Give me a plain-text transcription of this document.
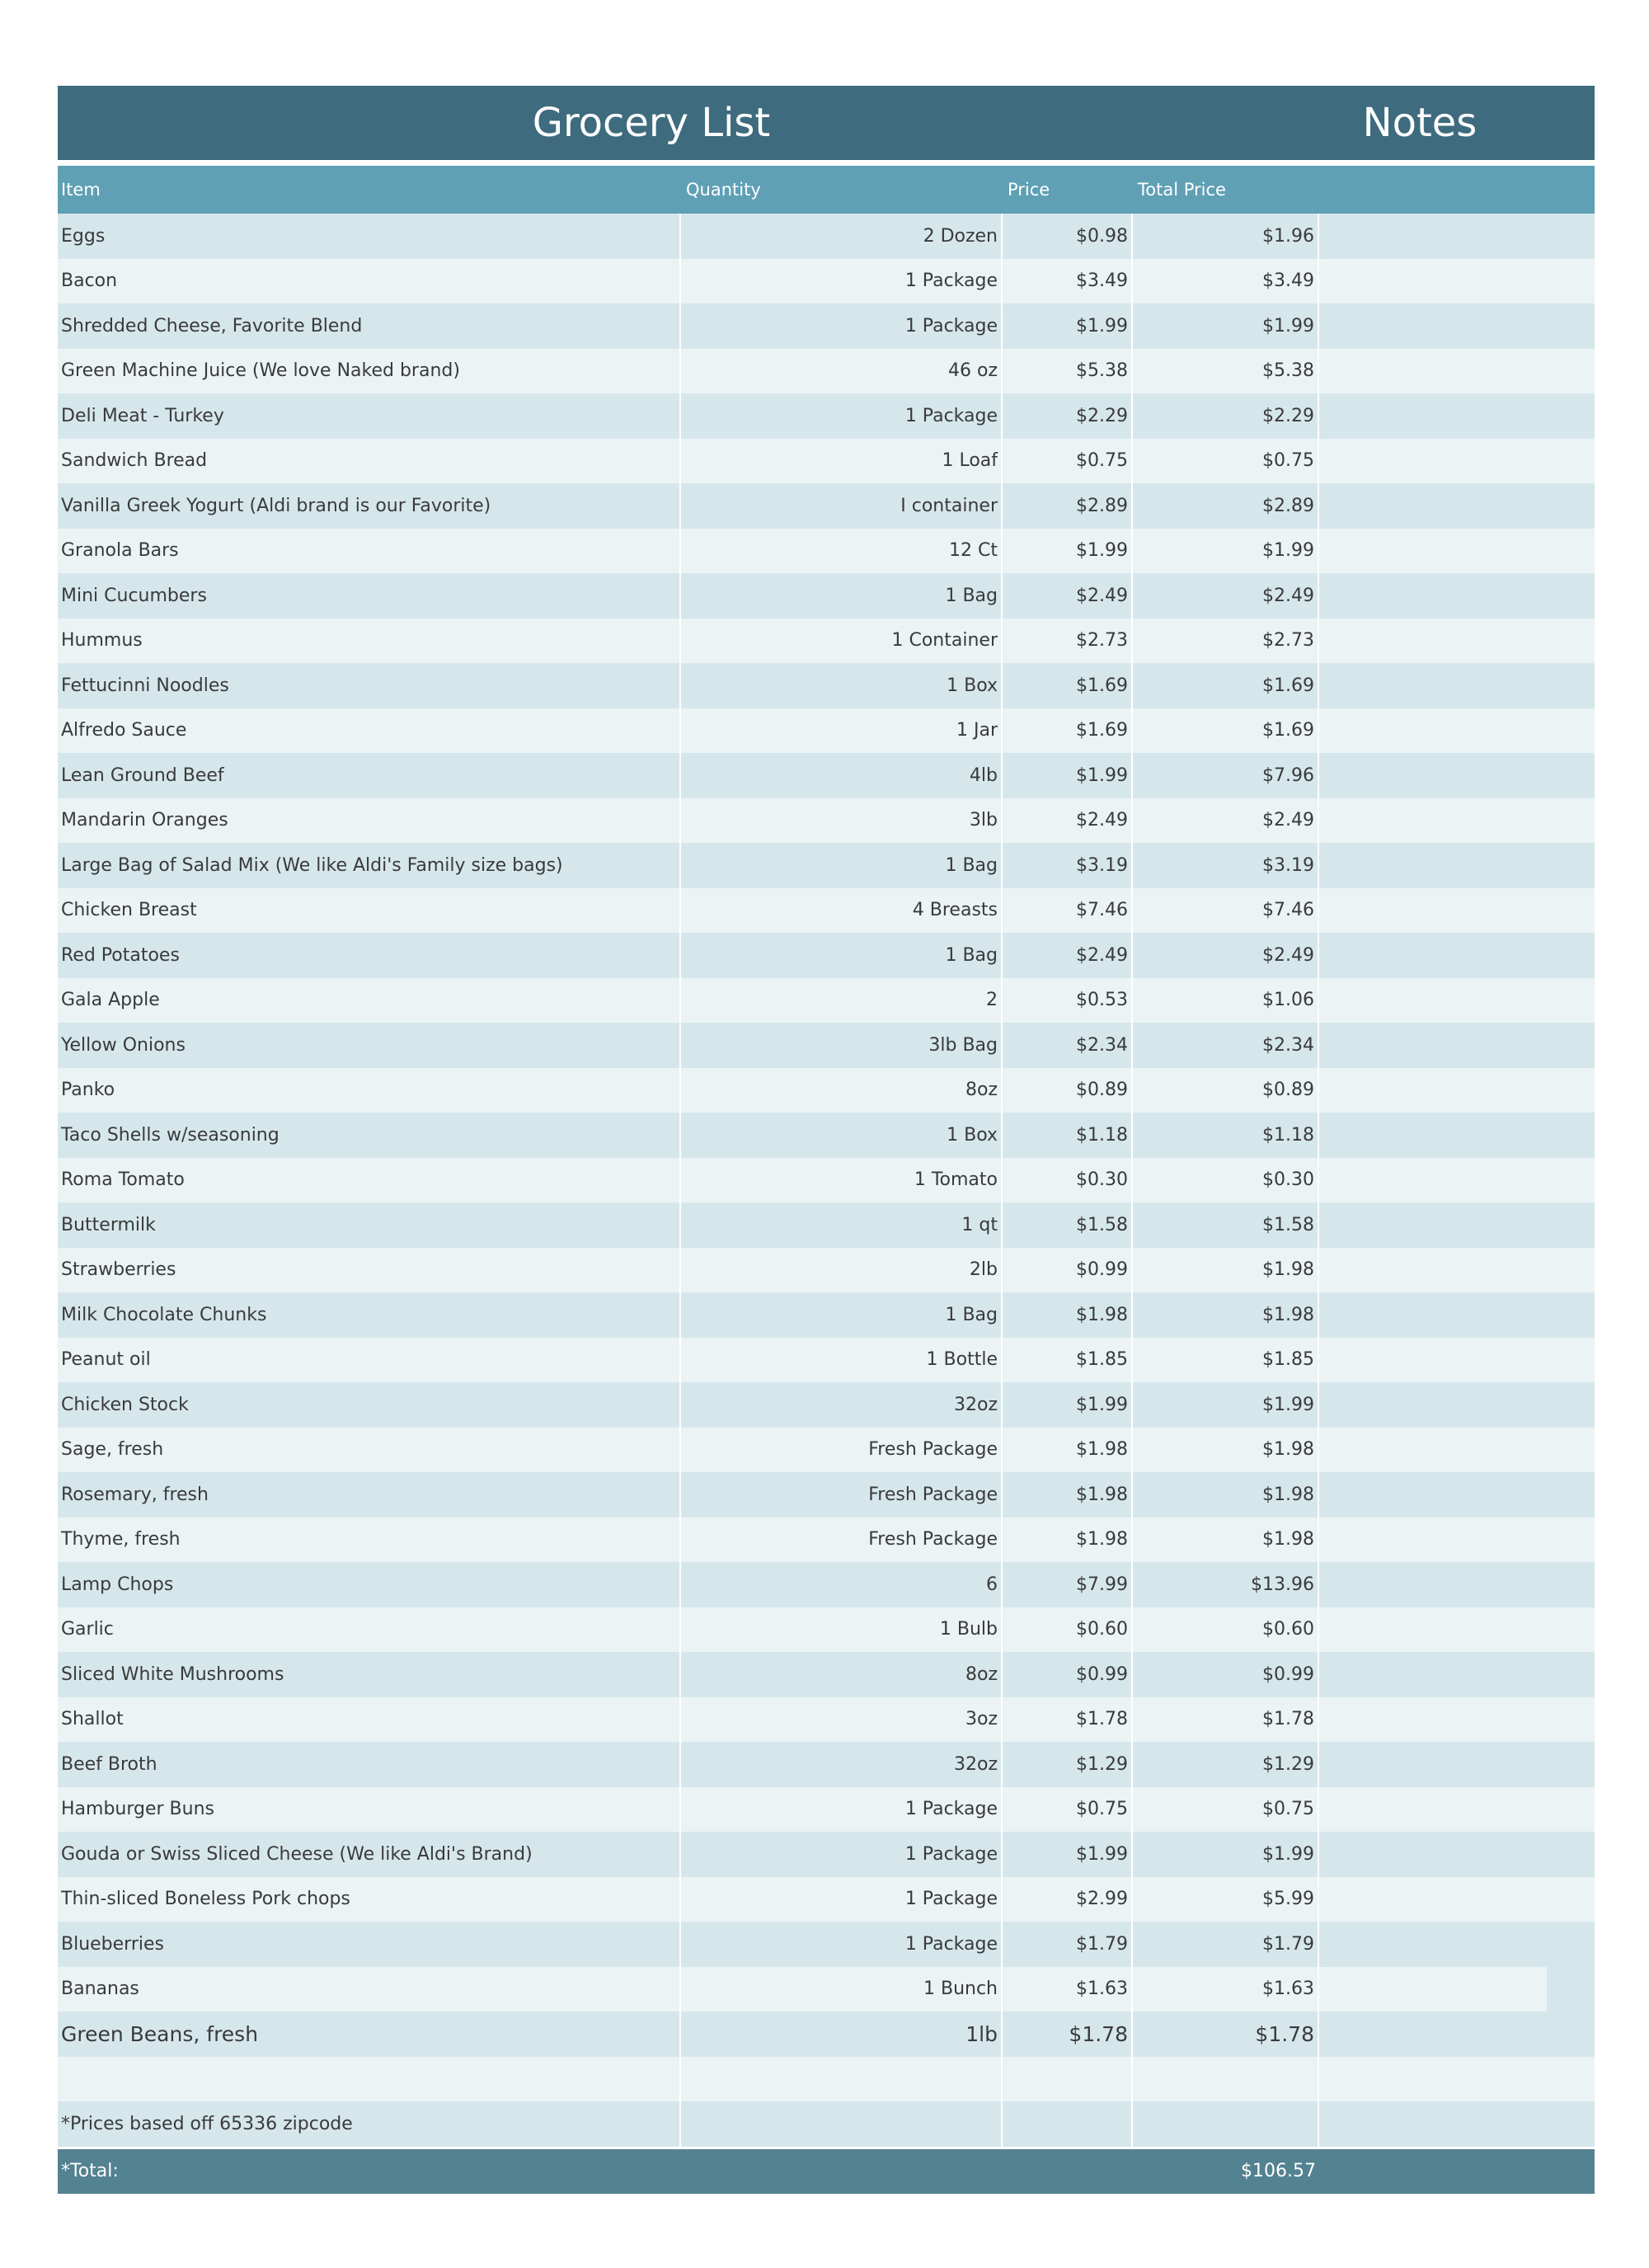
Grocery List	Notes
Item	Quantity	Price	Total Price
Eggs	2 Dozen	$0.98	$1.96
Bacon	1 Package	$3.49	$3.49
Shredded Cheese, Favorite Blend	1 Package	$1.99	$1.99
Green Machine Juice (We love Naked brand)	46 oz	$5.38	$5.38
Deli Meat - Turkey	1 Package	$2.29	$2.29
Sandwich Bread	1 Loaf	$0.75	$0.75
Vanilla Greek Yogurt (Aldi brand is our Favorite)	I container	$2.89	$2.89
Granola Bars	12 Ct	$1.99	$1.99
Mini Cucumbers	1 Bag	$2.49	$2.49
Hummus	1 Container	$2.73	$2.73
Fettucinni Noodles	1 Box	$1.69	$1.69
Alfredo Sauce	1 Jar	$1.69	$1.69
Lean Ground Beef	4lb	$1.99	$7.96
Mandarin Oranges	3lb	$2.49	$2.49
Large Bag of Salad Mix (We like Aldi's Family size bags)	1 Bag	$3.19	$3.19
Chicken Breast	4 Breasts	$7.46	$7.46
Red Potatoes	1 Bag	$2.49	$2.49
Gala Apple	2	$0.53	$1.06
Yellow Onions	3lb Bag	$2.34	$2.34
Panko	8oz	$0.89	$0.89
Taco Shells w/seasoning	1 Box	$1.18	$1.18
Roma Tomato	1 Tomato	$0.30	$0.30
Buttermilk	1 qt	$1.58	$1.58
Strawberries	2lb	$0.99	$1.98
Milk Chocolate Chunks	1 Bag	$1.98	$1.98
Peanut oil	1 Bottle	$1.85	$1.85
Chicken Stock	32oz	$1.99	$1.99
Sage, fresh	Fresh Package	$1.98	$1.98
Rosemary, fresh	Fresh Package	$1.98	$1.98
Thyme, fresh	Fresh Package	$1.98	$1.98
Lamp Chops	6	$7.99	$13.96
Garlic	1 Bulb	$0.60	$0.60
Sliced White Mushrooms	8oz	$0.99	$0.99
Shallot	3oz	$1.78	$1.78
Beef Broth	32oz	$1.29	$1.29
Hamburger Buns	1 Package	$0.75	$0.75
Gouda or Swiss Sliced Cheese (We like Aldi's Brand)	1 Package	$1.99	$1.99
Thin-sliced Boneless Pork chops	1 Package	$2.99	$5.99
Blueberries	1 Package	$1.79	$1.79
Bananas	1 Bunch	$1.63	$1.63
Green Beans, fresh	1lb	$1.78	$1.78
*Prices based off 65336 zipcode
*Total:	$106.57
